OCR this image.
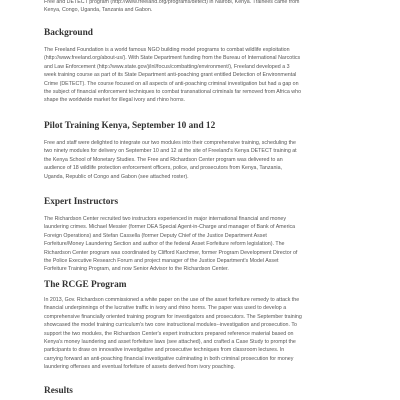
Free and DETECT program (http://www.freeland.org/programs/detect) in Nairobi, Kenya. Trainees came from
Kenya, Congo, Uganda, Tanzania and Gabon.

Background

The Freeland Foundation is a world famous NGO building model programs to combat wildlife exploitation
(http://www.freeland.org/about-us/). With State Department funding from the Bureau of International Narcotics
and Law Enforcement (http://www.state.gov/j/inl/focus/combatting/environment/), Freeland developed a 3
week training course as part of its State Department anti-poaching grant entitled Detection of Environmental
Crime (DETECT). The course focused on all aspects of anti-poaching criminal investigation but had a gap on
the subject of financial enforcement techniques to combat transnational criminals far removed from Africa who
shape the worldwide market for illegal ivory and rhino horns.

Pilot Training Kenya, September 10 and 12

Free and staff were delighted to integrate our two modules into their comprehensive training, scheduling the
two ninety modules for delivery on September 10 and 12 at the site of Freeland's Kenya DETECT training at
the Kenya School of Monetary Studies. The Free and Richardson Center program was delivered to an
audience of 18 wildlife protection enforcement officers, police, and prosecutors from Kenya, Tanzania,
Uganda, Republic of Congo and Gabon (see attached roster).

Expert Instructors

The Richardson Center recruited two instructors experienced in major international financial and money
laundering crimes. Michael Messier (former DEA Special Agent-in-Charge and manager of Bank of America
Foreign Operations) and Stefan Cassella (former Deputy Chief of the Justice Department Asset
Forfeiture/Money Laundering Section and author of the federal Asset Forfeiture reform legislation). The
Richardson Center program was coordinated by Clifford Karchmer, former Program Development Director of
the Police Executive Research Forum and project manager of the Justice Department's Model Asset
Forfeiture Training Program, and now Senior Advisor to the Richardson Center.

The RCGE Program

In 2013, Gov. Richardson commissioned a white paper on the use of the asset forfeiture remedy to attack the
financial underpinnings of the lucrative traffic in ivory and rhino horns. The paper was used to develop a
comprehensive financially oriented training program for investigators and prosecutors. The September training
showcased the model training curriculum's two core instructional modules--investigation and prosecution. To
support the two modules, the Richardson Center's expert instructors prepared reference material based on
Kenya's money laundering and asset forfeiture laws (see attached), and crafted a Case Study to prompt the
participants to draw on innovative investigative and prosecutive techniques from classroom lectures. In
carrying forward an anti-poaching financial investigative culminating in both criminal prosecution for money
laundering offenses and eventual forfeiture of assets derived from ivory poaching.

Results
